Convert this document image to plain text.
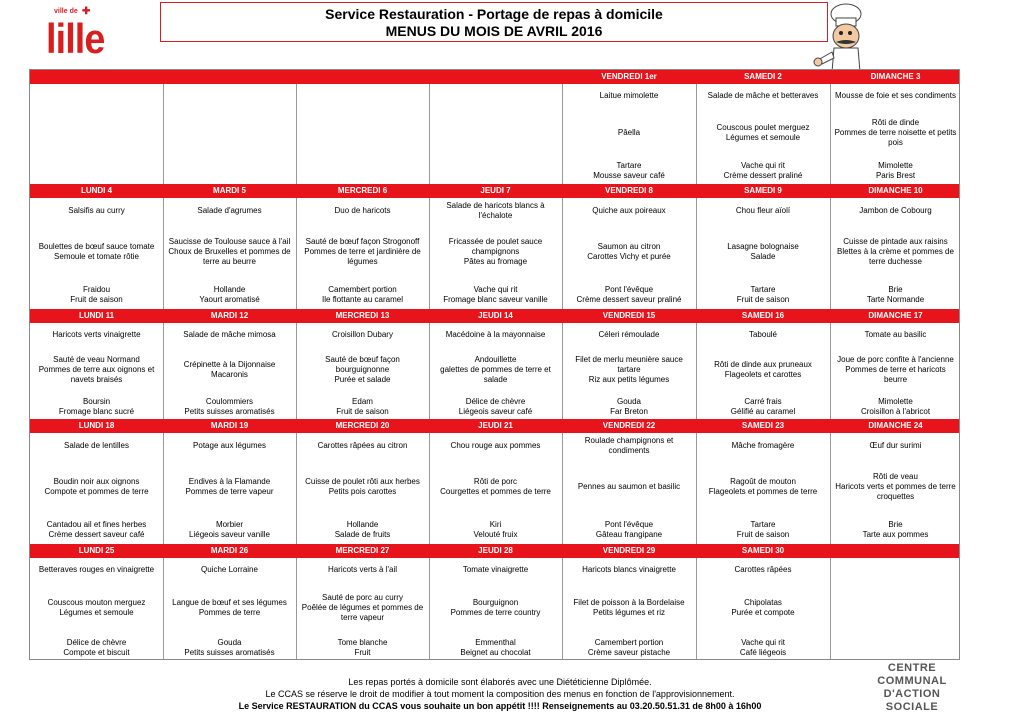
ville de ✚
lille
Service Restauration - Portage de repas à domicile
MENUS DU MOIS DE AVRIL 2016
VENDREDI 1er
Laitue mimolette
Pâella
Tartare
Mousse saveur café
SAMEDI 2
Salade de mâche et betteraves
Couscous poulet merguez
Légumes et semoule
Vache qui rit
Crème dessert praliné
DIMANCHE 3
Mousse de foie et ses condiments
Rôti de dinde
Pommes de terre noisette et petits pois
Mimolette
Paris Brest
LUNDI 4
Salsifis au curry
Boulettes de bœuf sauce tomate
Semoule et tomate rôtie
Fraidou
Fruit de saison
MARDI 5
Salade d'agrumes
Saucisse de Toulouse sauce à l'ail
Choux de Bruxelles et pommes de terre au beurre
Hollande
Yaourt aromatisé
MERCREDI 6
Duo de haricots
Sauté de bœuf façon Strogonoff
Pommes de terre et jardinière de légumes
Camembert portion
Ile flottante au caramel
JEUDI 7
Salade de haricots blancs à l'échalote
Fricassée de poulet sauce champignons
Pâtes au fromage
Vache qui rit
Fromage blanc saveur vanille
VENDREDI 8
Quiche aux poireaux
Saumon au citron
Carottes Vichy et purée
Pont l'évêque
Crème dessert saveur praliné
SAMEDI 9
Chou fleur aïolí
Lasagne bolognaise
Salade
Tartare
Fruit de saison
DIMANCHE 10
Jambon de Cobourg
Cuisse de pintade aux raisins
Blettes à la crème et pommes de terre duchesse
Brie
Tarte Normande
LUNDI 11
Haricots verts vinaigrette
Sauté de veau Normand
Pommes de terre aux oignons et navets braisés
Boursin
Fromage blanc sucré
MARDI 12
Salade de mâche mimosa
Crépinette à la Dijonnaise
Macaronis
Coulommiers
Petits suisses aromatisés
MERCREDI 13
Croisillon Dubary
Sauté de bœuf façon bourguignonne
Purée et salade
Edam
Fruit de saison
JEUDI 14
Macédoine à la mayonnaise
Andouillette
galettes de pommes de terre et salade
Délice de chèvre
Liégeois saveur café
VENDREDI 15
Céleri rémoulade
Filet de merlu meunière sauce tartare
Riz aux petits légumes
Gouda
Far Breton
SAMEDI 16
Taboulé
Rôti de dinde aux pruneaux
Flageolets et carottes
Carré frais
Gélifié au caramel
DIMANCHE 17
Tomate au basilic
Joue de porc confite à l'ancienne
Pommes de terre et haricots beurre
Mimolette
Croisillon à l'abricot
LUNDI 18
Salade de lentilles
Boudin noir aux oignons
Compote et pommes de terre
Cantadou ail et fines herbes
Crème dessert saveur café
MARDI 19
Potage aux légumes
Endives à la Flamande
Pommes de terre vapeur
Morbier
Liégeois saveur vanille
MERCREDI 20
Carottes râpées au citron
Cuisse de poulet rôti aux herbes
Petits pois carottes
Hollande
Salade de fruits
JEUDI 21
Chou rouge aux pommes
Rôti de porc
Courgettes et pommes de terre
Kiri
Velouté fruix
VENDREDI 22
Roulade champignons et condiments
Pennes au saumon et basilic
Pont l'évêque
Gâteau frangipane
SAMEDI 23
Mâche fromagère
Ragoût de mouton
Flageolets et pommes de terre
Tartare
Fruit de saison
DIMANCHE 24
Œuf dur surimi
Rôti de veau
Haricots verts et pommes de terre croquettes
Brie
Tarte aux pommes
LUNDI 25
Betteraves rouges en vinaigrette
Couscous mouton merguez
Légumes et semoule
Délice de chèvre
Compote et biscuit
MARDI 26
Quiche Lorraine
Langue de bœuf et ses légumes
Pommes de terre
Gouda
Petits suisses aromatisés
MERCREDI 27
Haricots verts à l'ail
Sauté de porc au curry
Poêlée de légumes et pommes de terre vapeur
Tome blanche
Fruit
JEUDI 28
Tomate vinaigrette
Bourguignon
Pommes de terre country
Emmenthal
Beignet au chocolat
VENDREDI 29
Haricots blancs vinaigrette
Filet de poisson à la Bordelaise
Petits légumes et riz
Camembert portion
Crème saveur pistache
SAMEDI 30
Carottes râpées
Chipolatas
Purée et compote
Vache qui rit
Café liégeois
Les repas portés à domicile sont élaborés avec une Diététicienne Diplômée.
Le CCAS se réserve le droit de modifier à tout moment la composition des menus en fonction de l'approvisionnement.
Le Service RESTAURATION du CCAS vous souhaite un bon appétit !!!! Renseignements au 03.20.50.51.31 de 8h00 à 16h00
CENTRE
COMMUNAL
D'ACTION
SOCIALE
